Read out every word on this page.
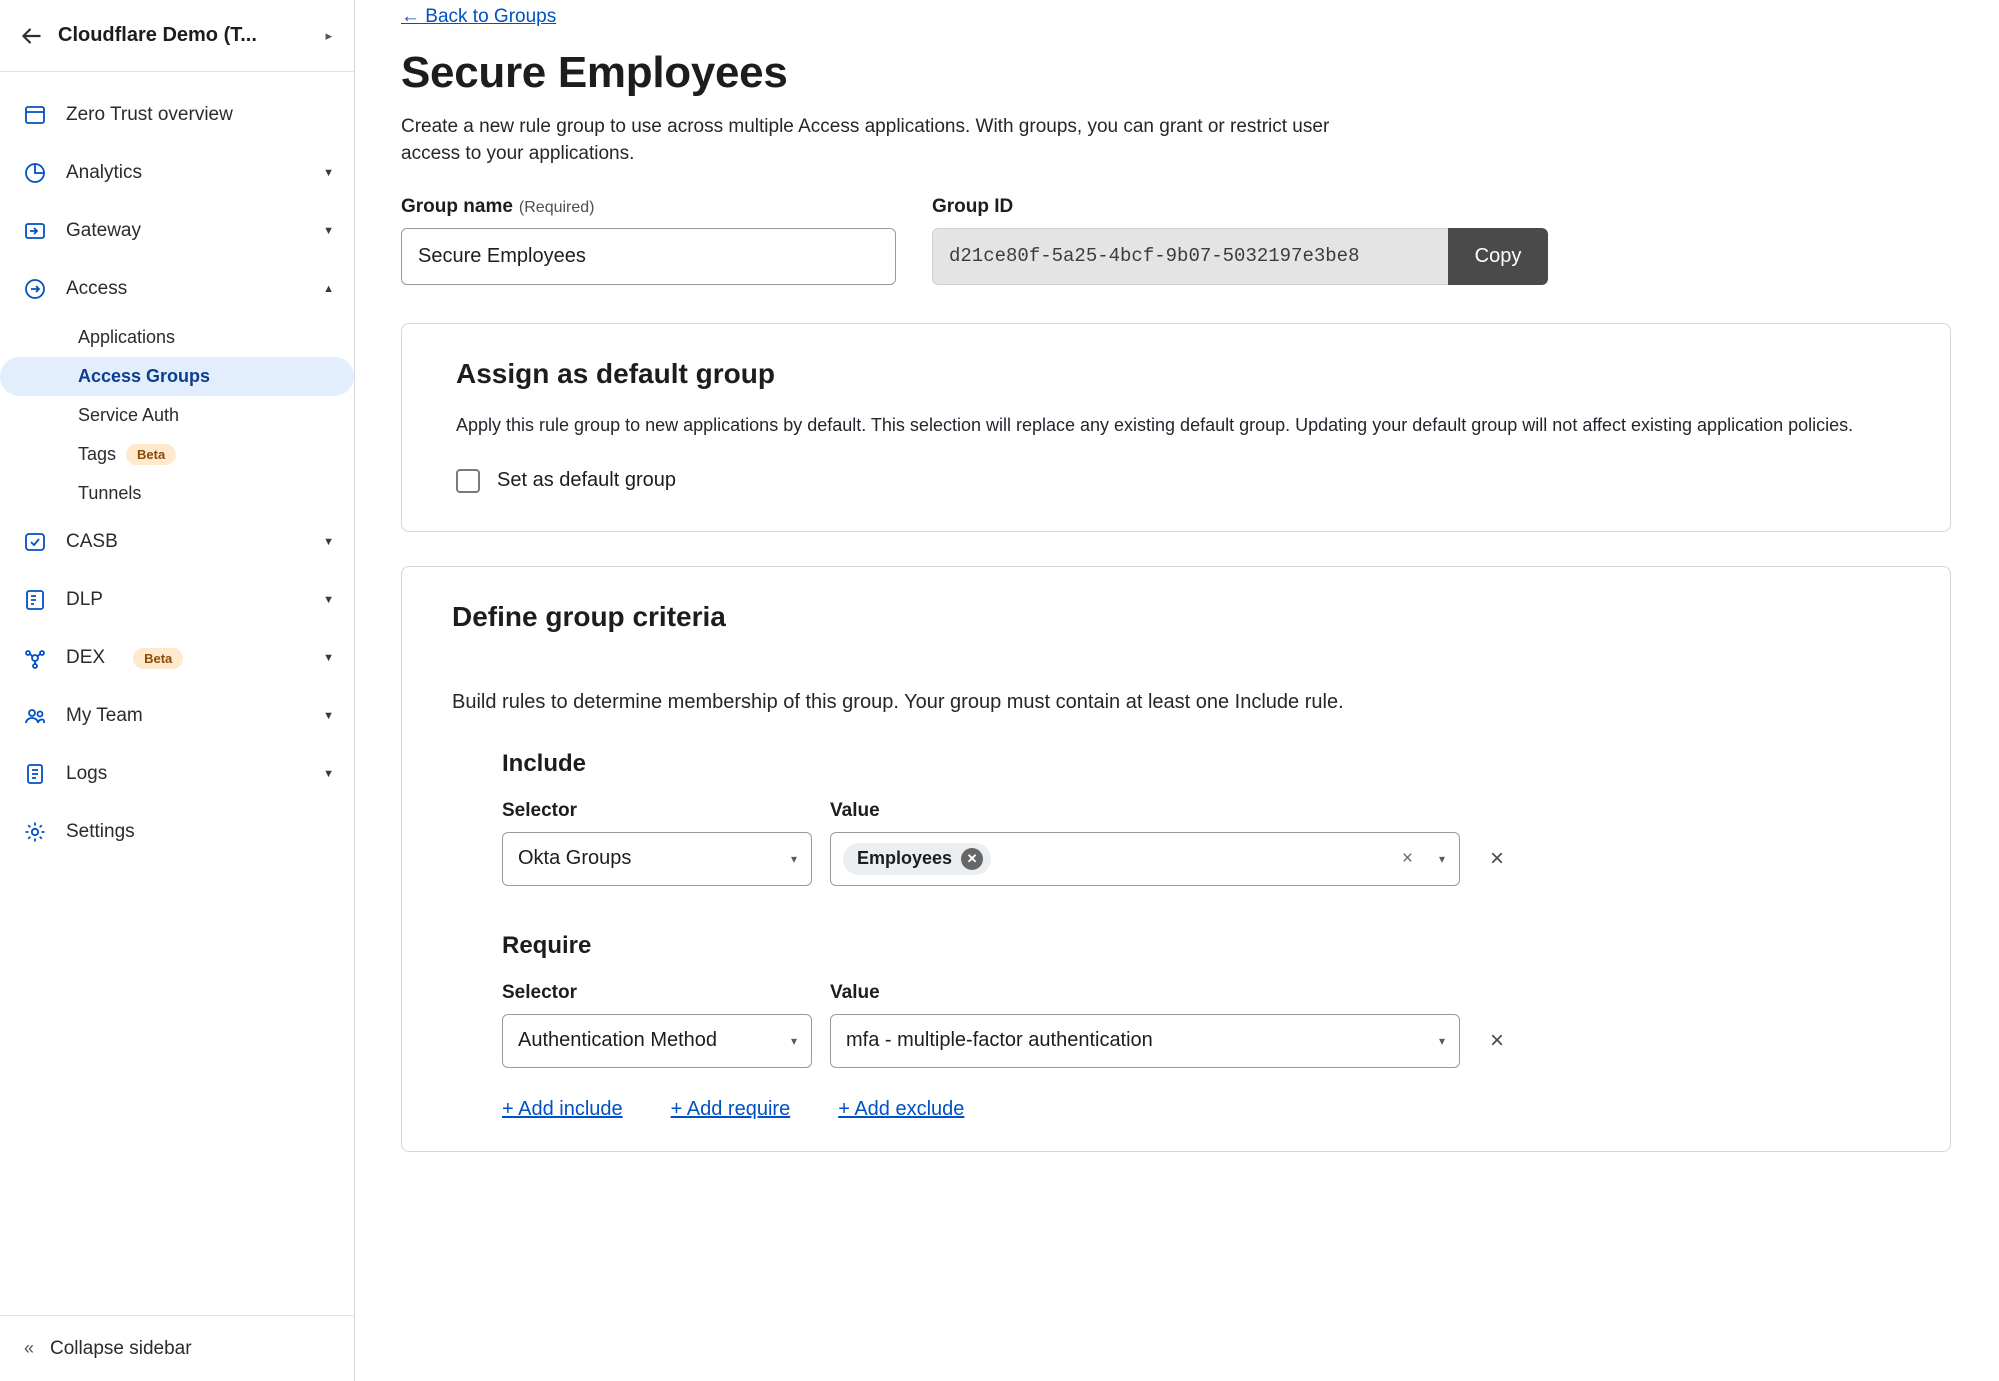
Cloudflare Demo (T...	▸
Zero Trust overview
Analytics	▼
Gateway	▼
Access	▲
Applications
Access Groups
Service Auth
Tags	Beta
Tunnels
CASB	▼
DLP	▼
DEX	Beta	▼
My Team	▼
Logs	▼
Settings
« Collapse sidebar
← Back to Groups
Secure Employees
Create a new rule group to use across multiple Access applications. With groups, you can grant or restrict user access to your applications.
Group name (Required)
Secure Employees	Group ID
d21ce80f-5a25-4bcf-9b07-5032197e3be8	Copy
Assign as default group

Apply this rule group to new applications by default. This selection will replace any existing default group. Updating your default group will not affect existing application policies.

Set as default group
Define group criteria

Build rules to determine membership of this group. Your group must contain at least one Include rule.

Include
Selector
Okta Groups	▾
Value
Employees	✕	× ▾ ×
Require
Selector
Authentication Method	▾
Value
mfa - multiple-factor authentication	▾ ×
+ Add include + Add require + Add exclude
